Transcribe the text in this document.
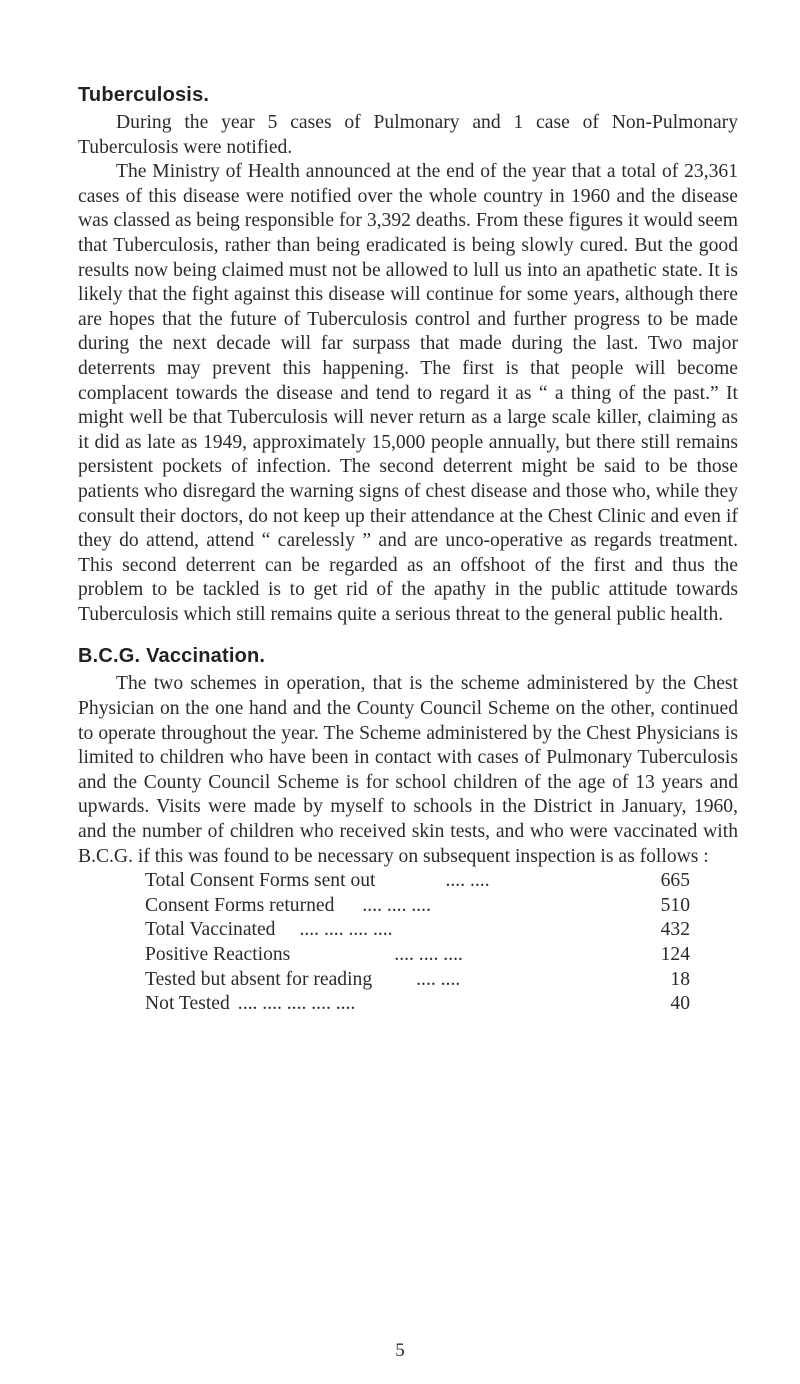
Tuberculosis.

During the year 5 cases of Pulmonary and 1 case of Non-Pulmonary Tuberculosis were notified.

The Ministry of Health announced at the end of the year that a total of 23,361 cases of this disease were notified over the whole country in 1960 and the disease was classed as being responsible for 3,392 deaths. From these figures it would seem that Tuberculosis, rather than being eradicated is being slowly cured. But the good results now being claimed must not be allowed to lull us into an apathetic state. It is likely that the fight against this disease will continue for some years, although there are hopes that the future of Tuberculosis control and further progress to be made during the next decade will far surpass that made during the last. Two major deterrents may prevent this happening. The first is that people will become complacent towards the disease and tend to regard it as “ a thing of the past.” It might well be that Tuberculosis will never return as a large scale killer, claiming as it did as late as 1949, approximately 15,000 people annually, but there still remains persistent pockets of infection. The second deterrent might be said to be those patients who disregard the warning signs of chest disease and those who, while they consult their doctors, do not keep up their attendance at the Chest Clinic and even if they do attend, attend “ carelessly ” and are unco-operative as regards treatment. This second deterrent can be regarded as an offshoot of the first and thus the problem to be tackled is to get rid of the apathy in the public attitude towards Tuberculosis which still remains quite a serious threat to the general public health.

B.C.G. Vaccination.

The two schemes in operation, that is the scheme administered by the Chest Physician on the one hand and the County Council Scheme on the other, continued to operate throughout the year. The Scheme administered by the Chest Physicians is limited to children who have been in contact with cases of Pulmonary Tuberculosis and the County Council Scheme is for school children of the age of 13 years and upwards. Visits were made by myself to schools in the District in January, 1960, and the number of children who received skin tests, and who were vaccinated with B.C.G. if this was found to be necessary on subsequent inspection is as follows :

Total Consent Forms sent out	.... ....	665
Consent Forms returned	.... .... ....	510
Total Vaccinated	.... .... .... ....	432
Positive Reactions	.... .... ....	124
Tested but absent for reading	.... ....	18
Not Tested .... .... .... .... ....	40
5
